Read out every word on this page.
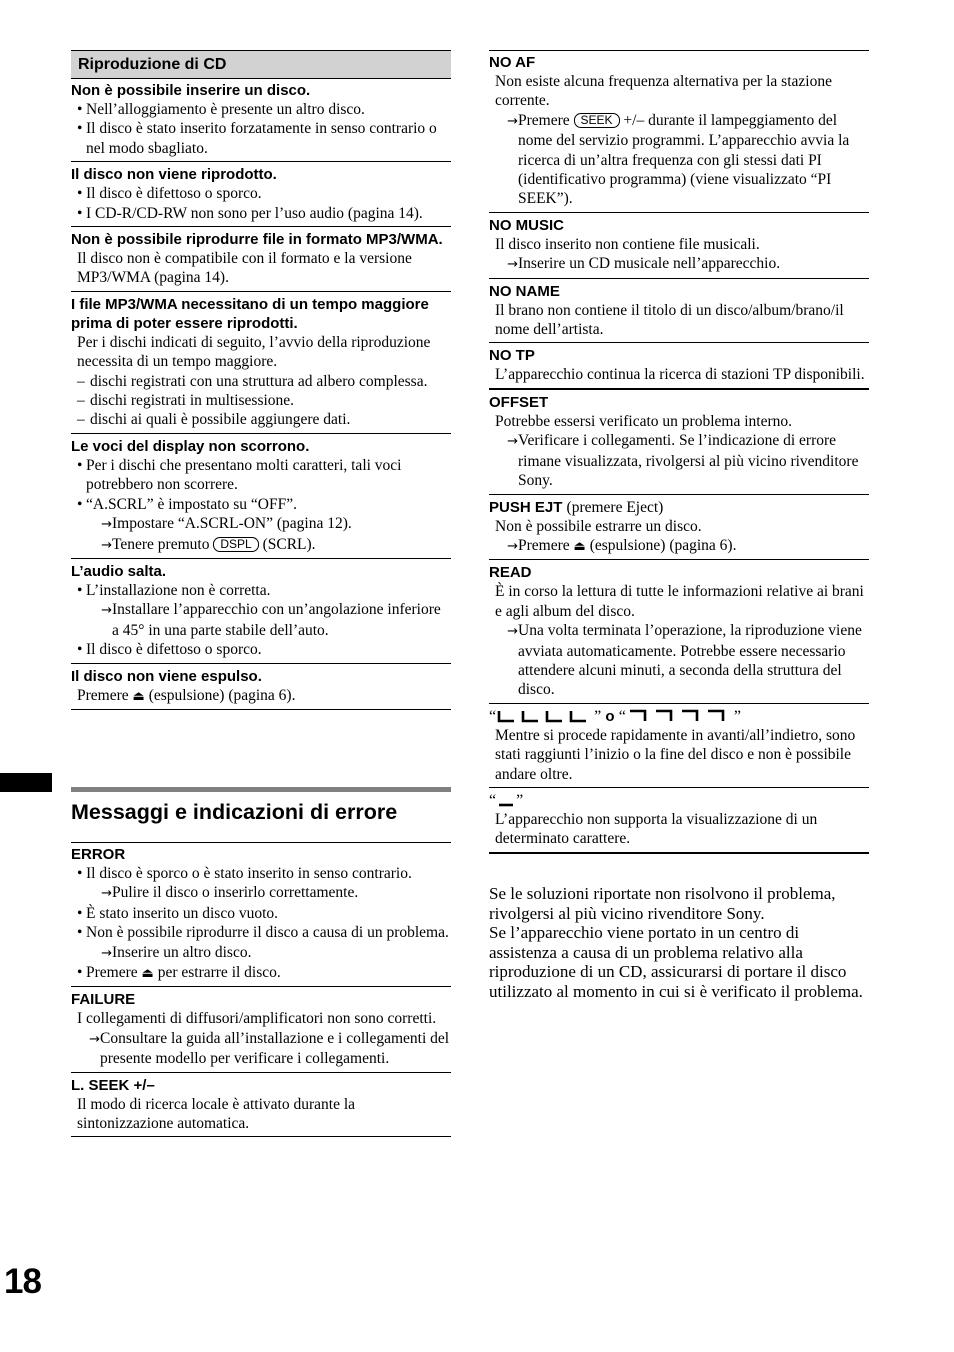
Riproduzione di CD
Non è possibile inserire un disco.
• Nell’alloggiamento è presente un altro disco.
• Il disco è stato inserito forzatamente in senso contrario o nel modo sbagliato.
Il disco non viene riprodotto.
• Il disco è difettoso o sporco.
• I CD-R/CD-RW non sono per l’uso audio (pagina 14).
Non è possibile riprodurre file in formato MP3/WMA.
Il disco non è compatibile con il formato e la versione MP3/WMA (pagina 14).
I file MP3/WMA necessitano di un tempo maggiore prima di poter essere riprodotti.
Per i dischi indicati di seguito, l’avvio della riproduzione necessita di un tempo maggiore.
– dischi registrati con una struttura ad albero complessa.
– dischi registrati in multisessione.
– dischi ai quali è possibile aggiungere dati.
Le voci del display non scorrono.
• Per i dischi che presentano molti caratteri, tali voci potrebbero non scorrere.
• “A.SCRL” è impostato su “OFF”.
→Impostare “A.SCRL-ON” (pagina 12).
→Tenere premuto DSPL (SCRL).
L’audio salta.
• L’installazione non è corretta.
→Installare l’apparecchio con un’angolazione inferiore a 45° in una parte stabile dell’auto.
• Il disco è difettoso o sporco.
Il disco non viene espulso.
Premere ⏏ (espulsione) (pagina 6).
Messaggi e indicazioni di errore
ERROR
• Il disco è sporco o è stato inserito in senso contrario.
→Pulire il disco o inserirlo correttamente.
• È stato inserito un disco vuoto.
• Non è possibile riprodurre il disco a causa di un problema.
→Inserire un altro disco.
• Premere ⏏ per estrarre il disco.
FAILURE
I collegamenti di diffusori/amplificatori non sono corretti.
→Consultare la guida all’installazione e i collegamenti del presente modello per verificare i collegamenti.
L. SEEK +/–
Il modo di ricerca locale è attivato durante la sintonizzazione automatica.
NO AF
Non esiste alcuna frequenza alternativa per la stazione corrente.
→Premere SEEK +/– durante il lampeggiamento del nome del servizio programmi. L’apparecchio avvia la ricerca di un’altra frequenza con gli stessi dati PI (identificativo programma) (viene visualizzato “PI SEEK”).
NO MUSIC
Il disco inserito non contiene file musicali.
→Inserire un CD musicale nell’apparecchio.
NO NAME
Il brano non contiene il titolo di un disco/album/brano/il nome dell’artista.
NO TP
L’apparecchio continua la ricerca di stazioni TP disponibili.
OFFSET
Potrebbe essersi verificato un problema interno.
→Verificare i collegamenti. Se l’indicazione di errore rimane visualizzata, rivolgersi al più vicino rivenditore Sony.
PUSH EJT (premere Eject)
Non è possibile estrarre un disco.
→Premere ⏏ (espulsione) (pagina 6).
READ
È in corso la lettura di tutte le informazioni relative ai brani e agli album del disco.
→Una volta terminata l’operazione, la riproduzione viene avviata automaticamente. Potrebbe essere necessario attendere alcuni minuti, a seconda della struttura del disco.
“	” o “	”
Mentre si procede rapidamente in avanti/all’indietro, sono stati raggiunti l’inizio o la fine del disco e non è possibile andare oltre.
“ ”
L’apparecchio non supporta la visualizzazione di un determinato carattere.
Se le soluzioni riportate non risolvono il problema, rivolgersi al più vicino rivenditore Sony.
Se l’apparecchio viene portato in un centro di assistenza a causa di un problema relativo alla riproduzione di un CD, assicurarsi di portare il disco utilizzato al momento in cui si è verificato il problema.
18
